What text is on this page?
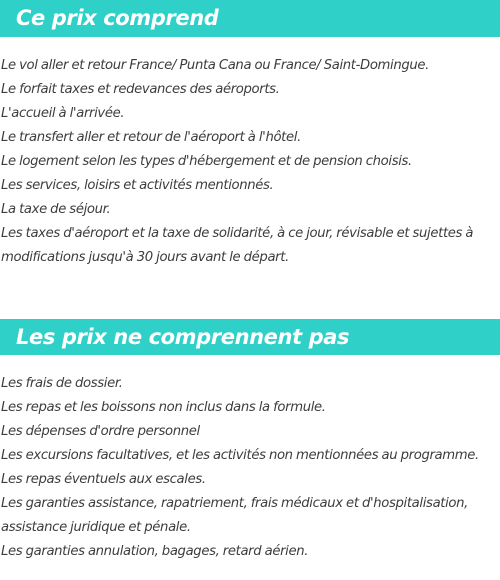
Ce prix comprend
Le vol aller et retour France/ Punta Cana ou France/ Saint-Domingue.
Le forfait taxes et redevances des aéroports.
L'accueil à l'arrivée.
Le transfert aller et retour de l'aéroport à l'hôtel.
Le logement selon les types d'hébergement et de pension choisis.
Les services, loisirs et activités mentionnés.
La taxe de séjour.
Les taxes d'aéroport et la taxe de solidarité, à ce jour, révisable et sujettes à modifications jusqu'à 30 jours avant le départ.
Les prix ne comprennent pas
Les frais de dossier.
Les repas et les boissons non inclus dans la formule.
Les dépenses d'ordre personnel
Les excursions facultatives, et les activités non mentionnées au programme.
Les repas éventuels aux escales.
Les garanties assistance, rapatriement, frais médicaux et d'hospitalisation, assistance juridique et pénale.
Les garanties annulation, bagages, retard aérien.
